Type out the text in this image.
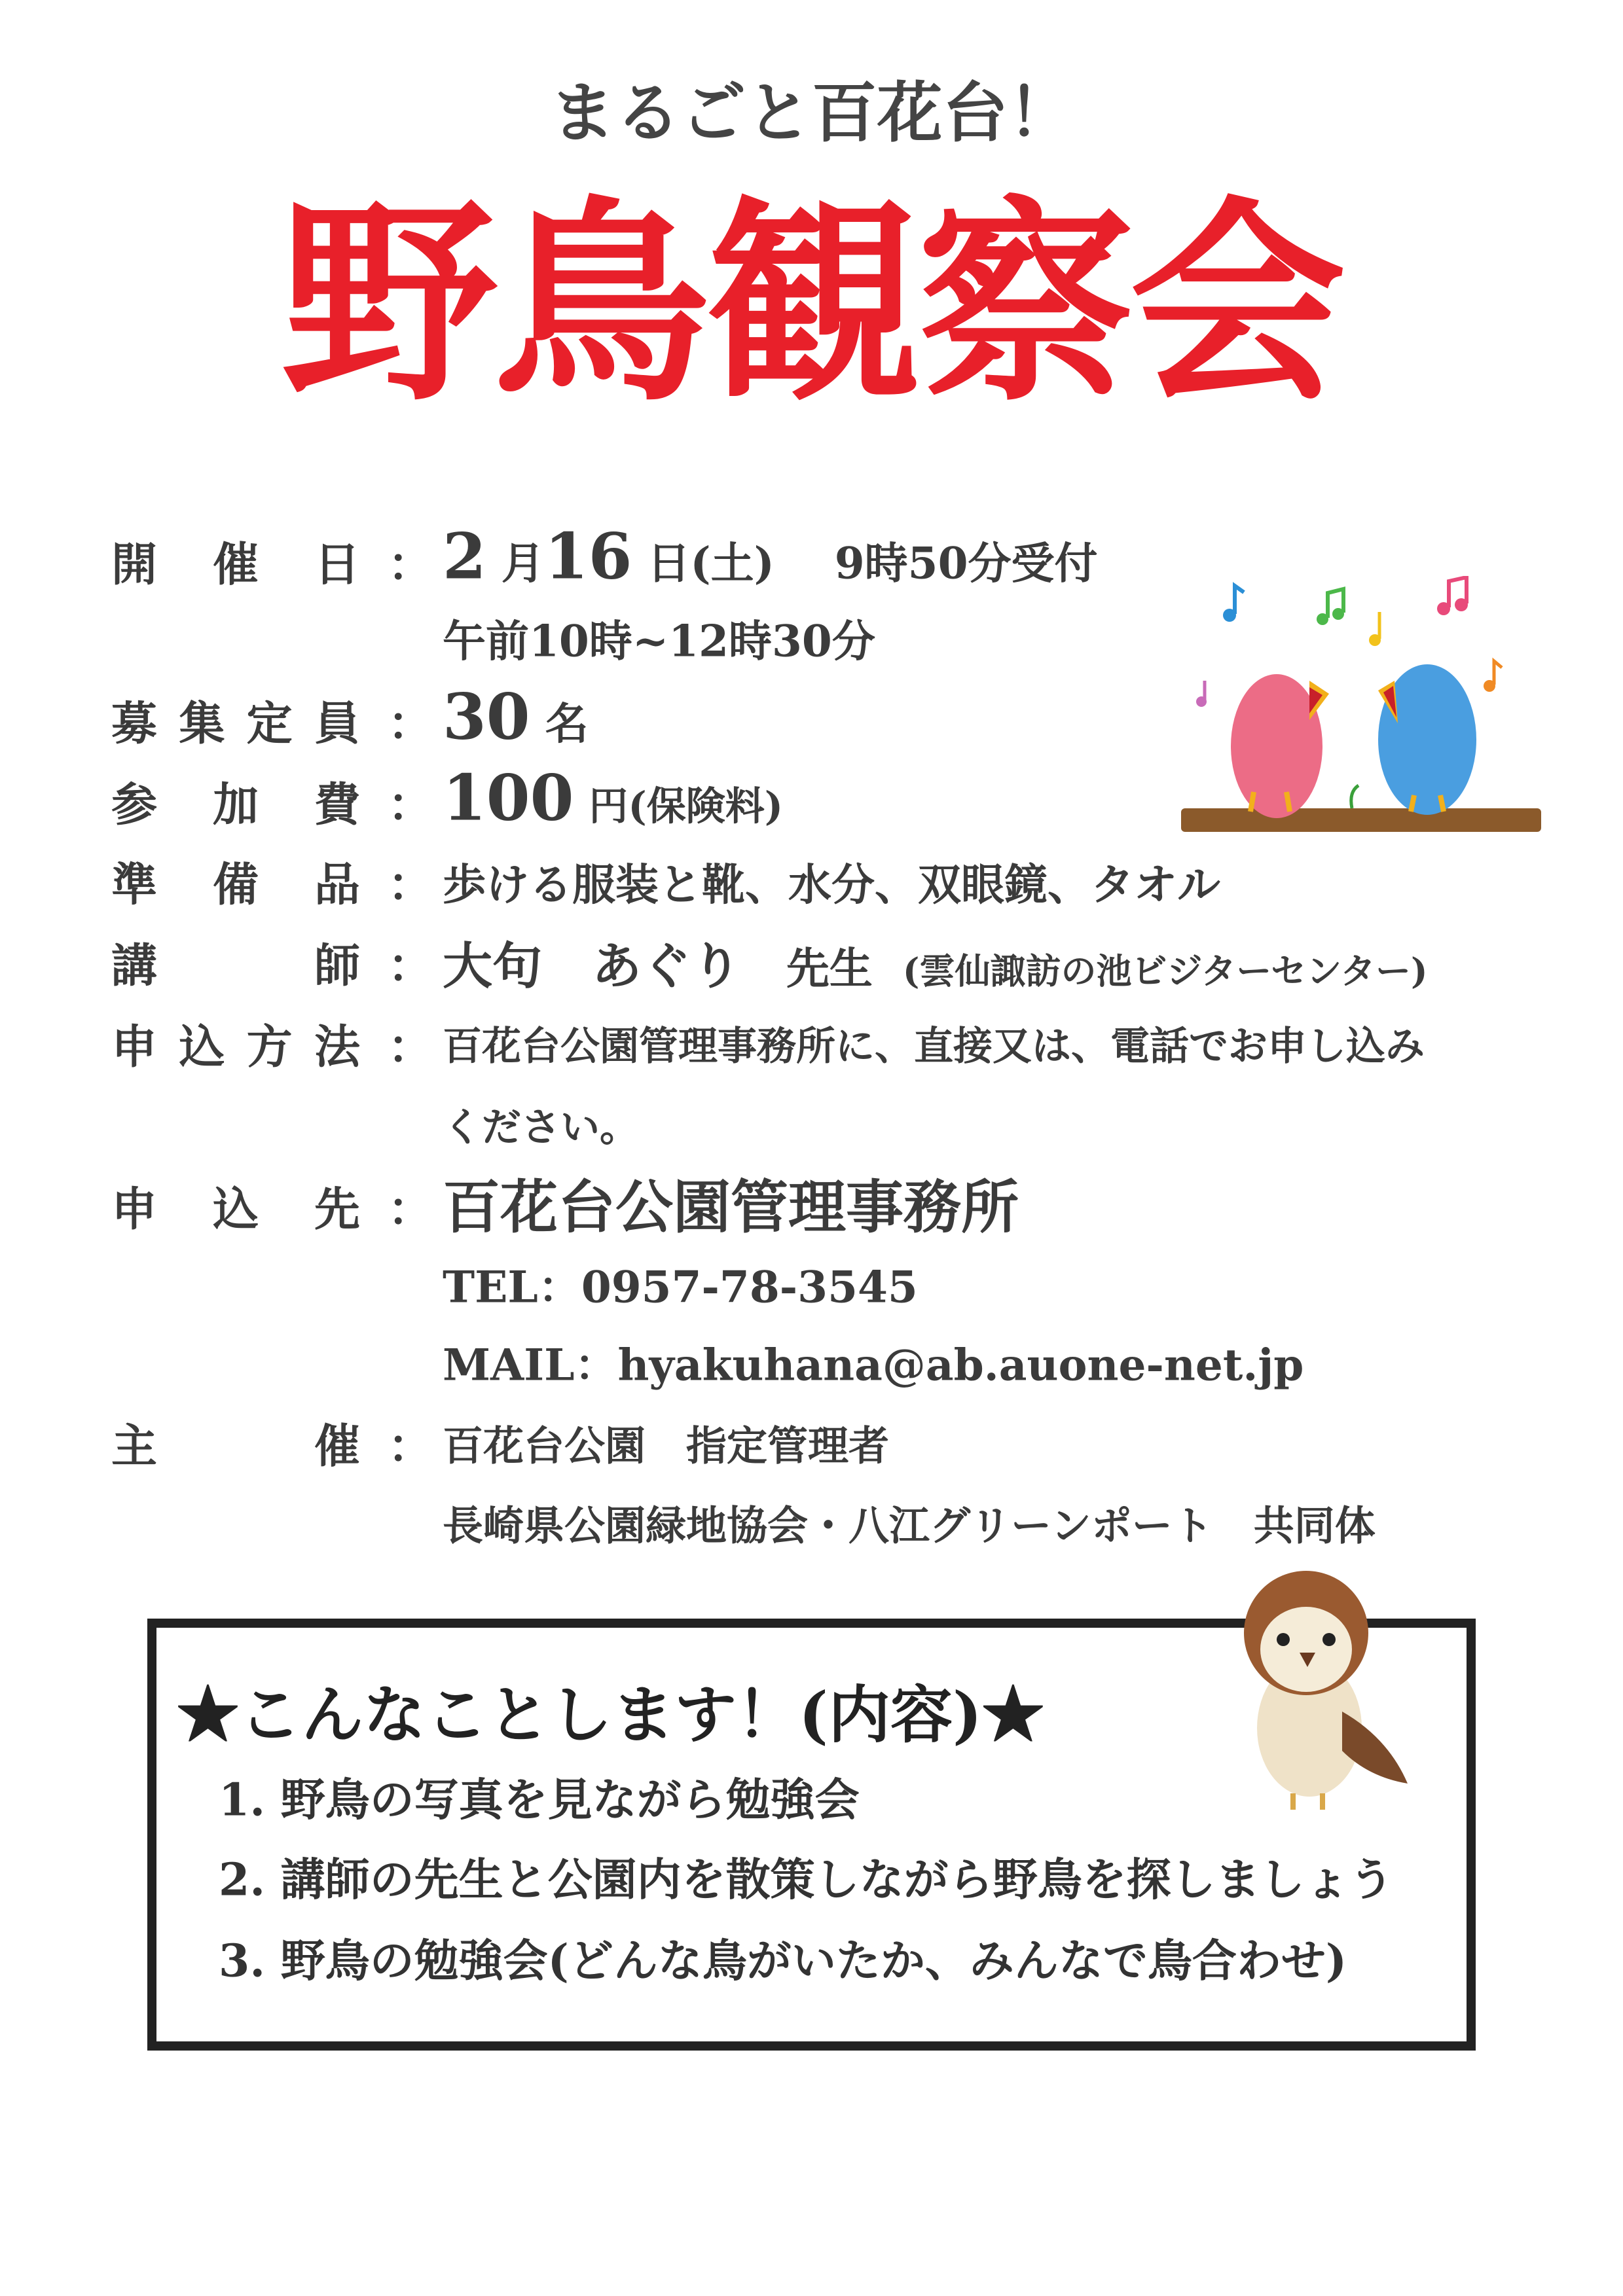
まるごと百花台！
野鳥観察会
開 催 日 ： 2 月16 日(土) 9時50分受付
午前10時~12時30分
募 集 定 員 ： 30 名
参 加 費 ： 100 円(保険料)
準 備 品 ： 歩ける服装と靴、水分、双眼鏡、タオル
講	師 ： 大句　あぐり 先生 (雲仙諏訪の池ビジターセンター)
申 込 方 法 ： 百花台公園管理事務所に、直接又は、電話でお申し込み
ください。
申 込 先 ： 百花台公園管理事務所
TEL：0957-78-3545
MAIL：hyakuhana@ab.auone-net.jp
主	催 ： 百花台公園　指定管理者
長崎県公園緑地協会・八江グリーンポート　共同体
★こんなことします！(内容)★
1. 野鳥の写真を見ながら勉強会
2. 講師の先生と公園内を散策しながら野鳥を探しましょう
3. 野鳥の勉強会(どんな鳥がいたか、みんなで鳥合わせ)
